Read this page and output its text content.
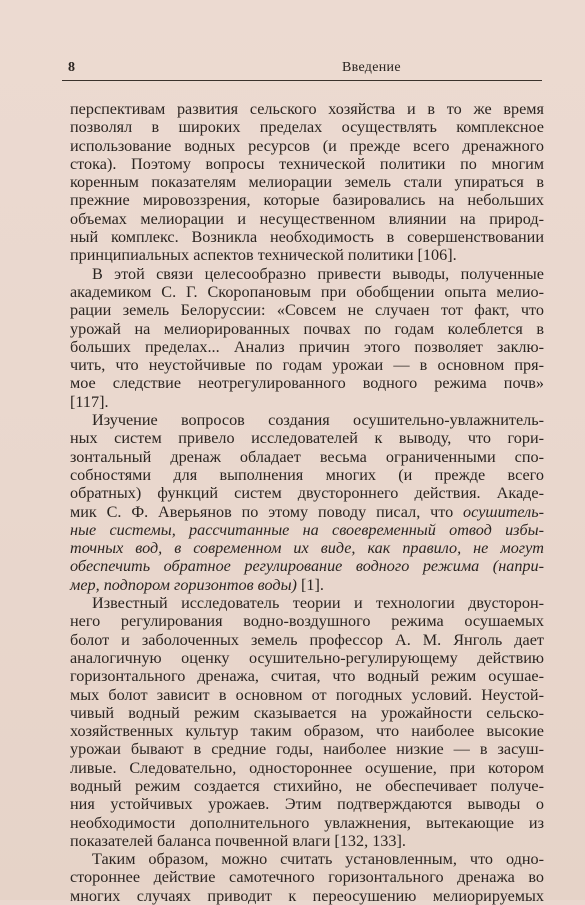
8	Введение
перспективам развития сельского хозяйства и в то же время
позволял в широких пределах осуществлять комплексное
использование водных ресурсов (и прежде всего дренажного
стока). Поэтому вопросы технической политики по многим
коренным показателям мелиорации земель стали упираться в
прежние мировоззрения, которые базировались на небольших
объемах мелиорации и несущественном влиянии на природ-
ный комплекс. Возникла необходимость в совершенствовании
принципиальных аспектов технической политики [106].
В этой связи целесообразно привести выводы, полученные
академиком С. Г. Скоропановым при обобщении опыта мелио-
рации земель Белоруссии: «Совсем не случаен тот факт, что
урожай на мелиорированных почвах по годам колеблется в
больших пределах... Анализ причин этого позволяет заклю-
чить, что неустойчивые по годам урожаи — в основном пря-
мое следствие неотрегулированного водного режима почв»
[117].
Изучение вопросов создания осушительно-увлажнитель-
ных систем привело исследователей к выводу, что гори-
зонтальный дренаж обладает весьма ограниченными спо-
собностями для выполнения многих (и прежде всего
обратных) функций систем двустороннего действия. Акаде-
мик С. Ф. Аверьянов по этому поводу писал, что осушитель-
ные системы, рассчитанные на своевременный отвод избы-
точных вод, в современном их виде, как правило, не могут
обеспечить обратное регулирование водного режима (напри-
мер, подпором горизонтов воды) [1].
Известный исследователь теории и технологии двусторон-
него регулирования водно-воздушного режима осушаемых
болот и заболоченных земель профессор А. М. Янголь дает
аналогичную оценку осушительно-регулирующему действию
горизонтального дренажа, считая, что водный режим осушае-
мых болот зависит в основном от погодных условий. Неустой-
чивый водный режим сказывается на урожайности сельско-
хозяйственных культур таким образом, что наиболее высокие
урожаи бывают в средние годы, наиболее низкие — в засуш-
ливые. Следовательно, одностороннее осушение, при котором
водный режим создается стихийно, не обеспечивает получе-
ния устойчивых урожаев. Этим подтверждаются выводы о
необходимости дополнительного увлажнения, вытекающие из
показателей баланса почвенной влаги [132, 133].
Таким образом, можно считать установленным, что одно-
стороннее действие самотечного горизонтального дренажа во
многих случаях приводит к переосушению мелиорируемых
